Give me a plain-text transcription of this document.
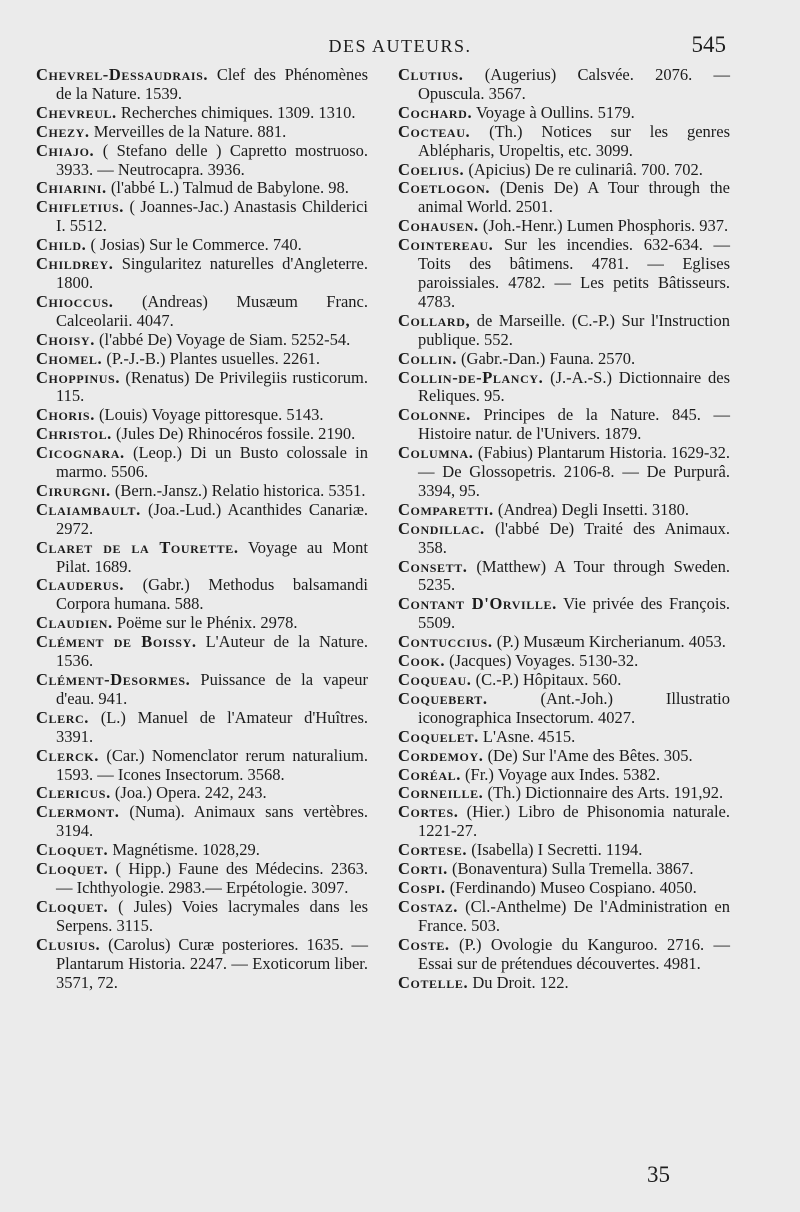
DES AUTEURS.	545

Chevrel-Dessaudrais. Clef des Phénomènes de la Nature. 1539.

Chevreul. Recherches chimiques. 1309. 1310.

Chezy. Merveilles de la Nature. 881.

Chiajo. ( Stefano delle ) Capretto mostruoso. 3933. — Neutrocapra. 3936.

Chiarini. (l'abbé L.) Talmud de Babylone. 98.

Chifletius. ( Joannes-Jac.) Anastasis Childerici I. 5512.

Child. ( Josias) Sur le Commerce. 740.

Childrey. Singularitez naturelles d'Angleterre. 1800.

Chioccus. (Andreas) Musæum Franc. Calceolarii. 4047.

Choisy. (l'abbé De) Voyage de Siam. 5252-54.

Chomel. (P.-J.-B.) Plantes usuelles. 2261.

Choppinus. (Renatus) De Privilegiis rusticorum. 115.

Choris. (Louis) Voyage pittoresque. 5143.

Christol. (Jules De) Rhinocéros fossile. 2190.

Cicognara. (Leop.) Di un Busto colossale in marmo. 5506.

Cirurgni. (Bern.-Jansz.) Relatio historica. 5351.

Claiambault. (Joa.-Lud.) Acanthides Canariæ. 2972.

Claret de la Tourette. Voyage au Mont Pilat. 1689.

Clauderus. (Gabr.) Methodus balsamandi Corpora humana. 588.

Claudien. Poëme sur le Phénix. 2978.

Clément de Boissy. L'Auteur de la Nature. 1536.

Clément-Desormes. Puissance de la vapeur d'eau. 941.

Clerc. (L.) Manuel de l'Amateur d'Huîtres. 3391.

Clerck. (Car.) Nomenclator rerum naturalium. 1593. — Icones Insectorum. 3568.

Clericus. (Joa.) Opera. 242, 243.

Clermont. (Numa). Animaux sans vertèbres. 3194.

Cloquet. Magnétisme. 1028,29.

Cloquet. ( Hipp.) Faune des Médecins. 2363. — Ichthyologie. 2983.— Erpétologie. 3097.

Cloquet. ( Jules) Voies lacrymales dans les Serpens. 3115.

Clusius. (Carolus) Curæ posteriores. 1635. — Plantarum Historia. 2247. — Exoticorum liber. 3571, 72.

Clutius. (Augerius) Calsvée. 2076. — Opuscula. 3567.

Cochard. Voyage à Oullins. 5179.

Cocteau. (Th.) Notices sur les genres Ablépharis, Uropeltis, etc. 3099.

Coelius. (Apicius) De re culinariâ. 700. 702.

Coetlogon. (Denis De) A Tour through the animal World. 2501.

Cohausen. (Joh.-Henr.) Lumen Phosphoris. 937.

Cointereau. Sur les incendies. 632-634. — Toits des bâtimens. 4781. — Eglises paroissiales. 4782. — Les petits Bâtisseurs. 4783.

Collard, de Marseille. (C.-P.) Sur l'Instruction publique. 552.

Collin. (Gabr.-Dan.) Fauna. 2570.

Collin-de-Plancy. (J.-A.-S.) Dictionnaire des Reliques. 95.

Colonne. Principes de la Nature. 845. —Histoire natur. de l'Univers. 1879.

Columna. (Fabius) Plantarum Historia. 1629-32. — De Glossopetris. 2106-8. — De Purpurâ. 3394, 95.

Comparetti. (Andrea) Degli Insetti. 3180.

Condillac. (l'abbé De) Traité des Animaux. 358.

Consett. (Matthew) A Tour through Sweden. 5235.

Contant D'Orville. Vie privée des François. 5509.

Contuccius. (P.) Musæum Kircherianum. 4053.

Cook. (Jacques) Voyages. 5130-32.

Coqueau. (C.-P.) Hôpitaux. 560.

Coquebert.	(Ant.-Joh.) Illustratio iconographica Insectorum. 4027.

Coquelet. L'Asne. 4515.

Cordemoy. (De) Sur l'Ame des Bêtes. 305.

Coréal. (Fr.) Voyage aux Indes. 5382.

Corneille. (Th.) Dictionnaire des Arts. 191,92.

Cortes. (Hier.) Libro de Phisonomia naturale. 1221-27.

Cortese. (Isabella) I Secretti. 1194.

Corti. (Bonaventura) Sulla Tremella. 3867.

Cospi. (Ferdinando) Museo Cospiano. 4050.

Costaz. (Cl.-Anthelme) De l'Administration en France. 503.

Coste. (P.) Ovologie du Kanguroo. 2716. — Essai sur de prétendues découvertes. 4981.

Cotelle. Du Droit. 122.

35
